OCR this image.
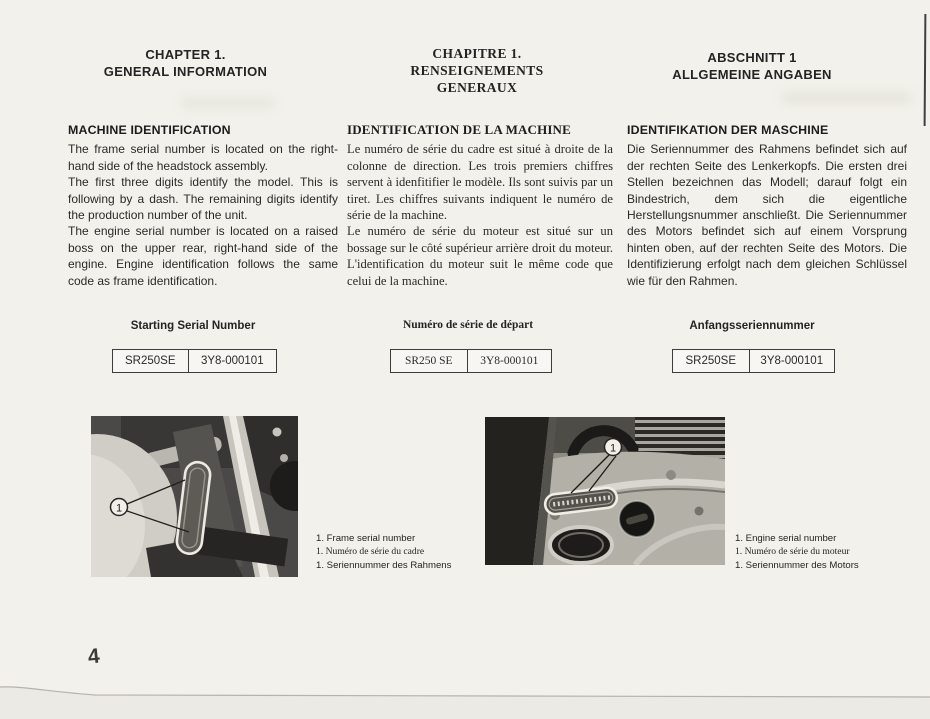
CHAPTER 1.
GENERAL INFORMATION
CHAPITRE 1.
RENSEIGNEMENTS
GENERAUX
ABSCHNITT 1
ALLGEMEINE ANGABEN
MACHINE IDENTIFICATION

The frame serial number is located on the right-hand side of the headstock assembly.

The first three digits identify the model. This is following by a dash. The remaining digits identify the production number of the unit.

The engine serial number is located on a raised boss on the upper rear, right-hand side of the engine. Engine identification follows the same code as frame identification.

IDENTIFICATION DE LA MACHINE

Le numéro de série du cadre est situé à droite de la colonne de direction. Les trois premiers chiffres servent à idenfitifier le modèle. Ils sont suivis par un tiret. Les chiffres suivants indiquent le numéro de série de la machine.

Le numéro de série du moteur est situé sur un bossage sur le côté supérieur arrière droit du moteur. L'identification du moteur suit le même code que celui de la machine.

IDENTIFIKATION DER MASCHINE

Die Seriennummer des Rahmens befindet sich auf der rechten Seite des Lenkerkopfs. Die ersten drei Stellen bezeichnen das Modell; darauf folgt ein Bindestrich, dem sich die eigentliche Herstellungsnummer anschließt. Die Seriennummer des Motors befindet sich auf einem Vorsprung hinten oben, auf der rechten Seite des Motors. Die Identifizierung erfolgt nach dem gleichen Schlüssel wie für den Rahmen.

Starting Serial Number	Numéro de série de départ	Anfangsseriennummer
SR250SE	3Y8-000101	SR250 SE	3Y8-000101	SR250SE	3Y8-000101
1
1
1. Frame serial number
1. Numéro de série du cadre
1. Seriennummer des Rahmens
1. Engine serial number
1. Numéro de série du moteur
1. Seriennummer des Motors
4
